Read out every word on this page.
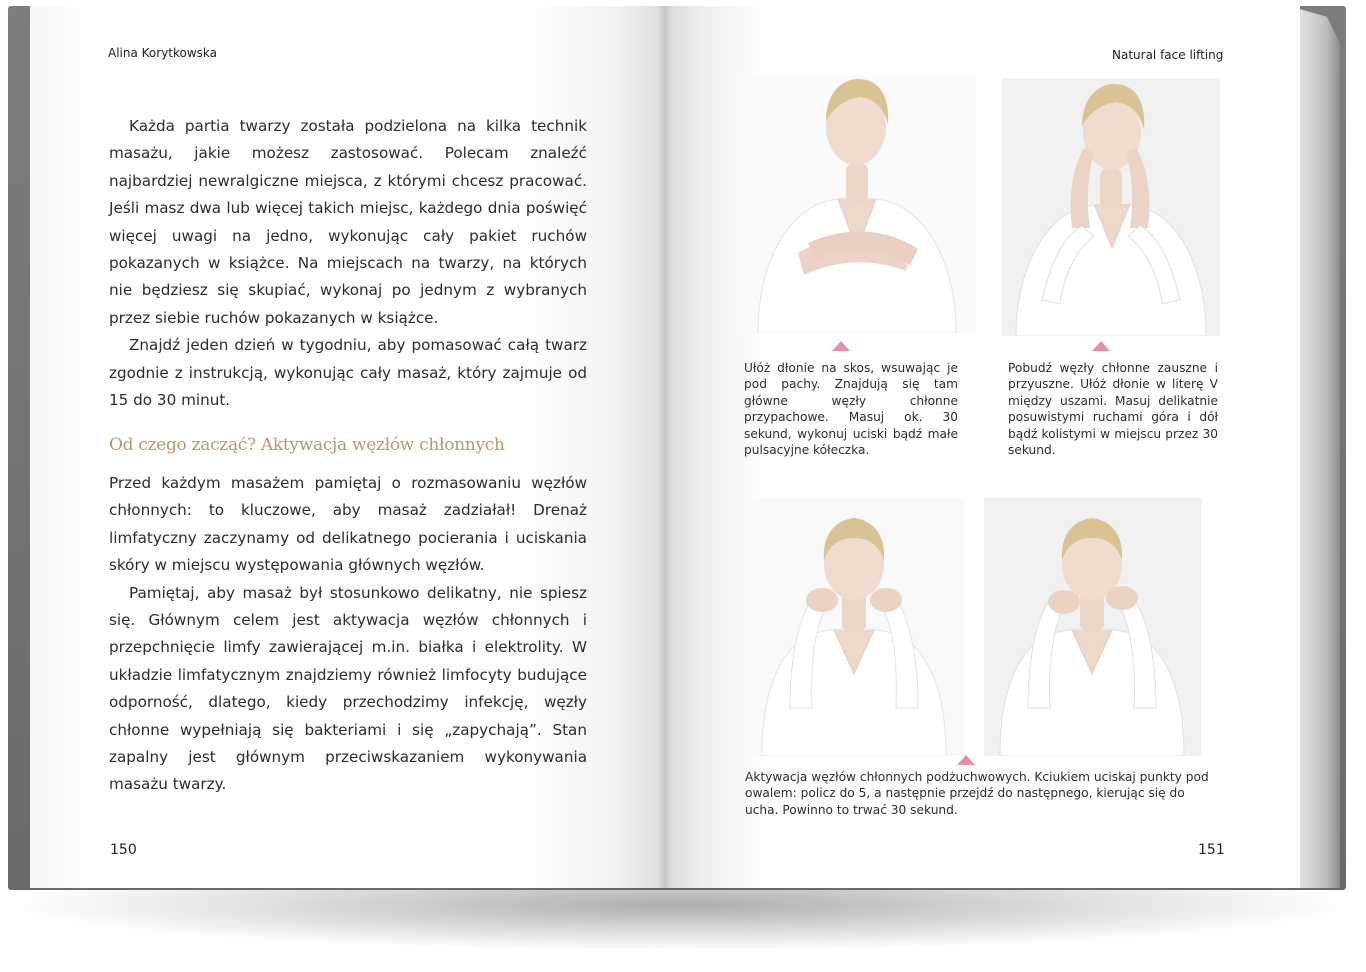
Alina Korytkowska

Każda partia twarzy została podzielona na kilka technik masażu, jakie możesz zastosować. Polecam znaleźć najbardziej newralgiczne miejsca, z którymi chcesz pracować. Jeśli masz dwa lub więcej takich miejsc, każdego dnia poświęć więcej uwagi na jedno, wykonując cały pakiet ruchów pokazanych w książce. Na miejscach na twarzy, na których nie będziesz się skupiać, wykonaj po jednym z wybranych przez siebie ruchów pokazanych w książce.

Znajdź jeden dzień w tygodniu, aby pomasować całą twarz zgodnie z instrukcją, wykonując cały masaż, który zajmuje od 15 do 30 minut.

Od czego zacząć? Aktywacja węzłów chłonnych

Przed każdym masażem pamiętaj o rozmasowaniu węzłów chłonnych: to kluczowe, aby masaż zadziałał! Drenaż limfatyczny zaczynamy od delikatnego pocierania i uciskania skóry w miejscu występowania głównych węzłów.

Pamiętaj, aby masaż był stosunkowo delikatny, nie spiesz się. Głównym celem jest aktywacja węzłów chłonnych i przepchnięcie limfy zawierającej m.in. białka i elektrolity. W układzie limfatycznym znajdziemy również limfocyty budujące odporność, dlatego, kiedy przechodzimy infekcję, węzły chłonne wypełniają się bakteriami i się „zapychają”. Stan zapalny jest głównym przeciwskazaniem wykonywania masażu twarzy.

150
Natural face lifting
Ułóż dłonie na skos, wsuwając je pod pachy. Znajdują się tam główne węzły chłonne przypachowe. Masuj ok. 30 sekund, wykonuj uciski bądź małe pulsacyjne kółeczka.
Pobudź węzły chłonne zauszne i przyuszne. Ułóż dłonie w literę V między uszami. Masuj delikatnie posuwistymi ruchami góra i dół bądź kolistymi w miejscu przez 30 sekund.
Aktywacja węzłów chłonnych podżuchwowych. Kciukiem uciskaj punkty pod owalem: policz do 5, a następnie przejdź do następnego, kierując się do ucha. Powinno to trwać 30 sekund.
151
